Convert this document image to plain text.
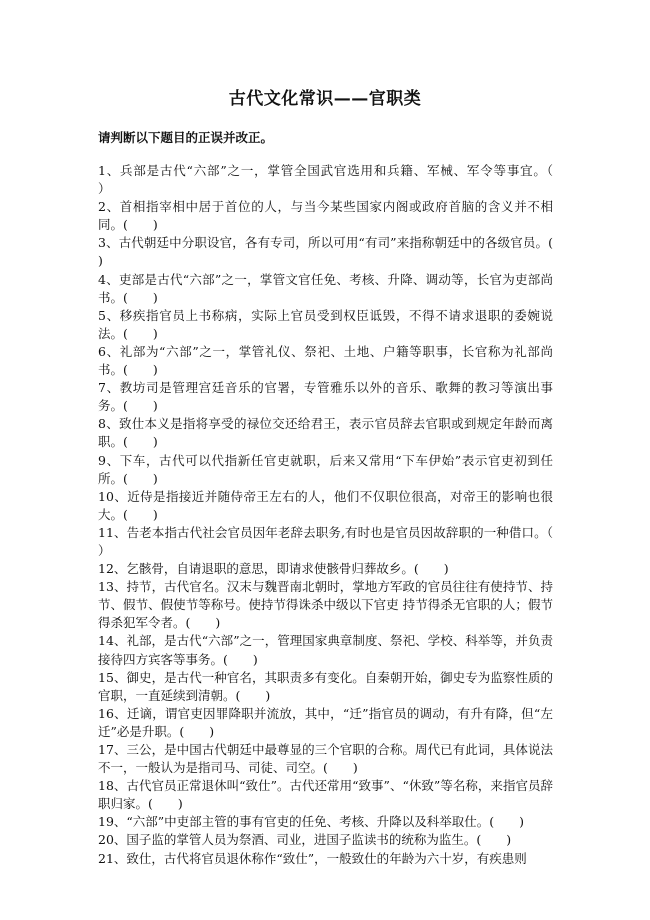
古代文化常识——官职类
请判断以下题目的正误并改正。
1、兵部是古代“六部”之一，掌管全国武官选用和兵籍、军械、军令等事宜。（　　）
2、首相指宰相中居于首位的人，与当今某些国家内阁或政府首脑的含义并不相同。(　　)
3、古代朝廷中分职设官，各有专司，所以可用“有司”来指称朝廷中的各级官员。(　　)
4、吏部是古代“六部”之一，掌管文官任免、考核、升降、调动等，长官为吏部尚书。(　　)
5、移疾指官员上书称病，实际上官员受到权臣诋毁，不得不请求退职的委婉说法。(　　)
6、礼部为“六部”之一，掌管礼仪、祭祀、土地、户籍等职事，长官称为礼部尚书。(　　)
7、教坊司是管理宫廷音乐的官署，专管雅乐以外的音乐、歌舞的教习等演出事务。(　　)
8、致仕本义是指将享受的禄位交还给君王，表示官员辞去官职或到规定年龄而离职。(　　)
9、下车，古代可以代指新任官吏就职，后来又常用“下车伊始”表示官吏初到任所。(　　)
10、近侍是指接近并随侍帝王左右的人，他们不仅职位很高，对帝王的影响也很大。(　　)
11、告老本指古代社会官员因年老辞去职务,有时也是官员因故辞职的一种借口。（　　）
12、乞骸骨，自请退职的意思，即请求使骸骨归葬故乡。(　　)
13、持节，古代官名。汉末与魏晋南北朝时，掌地方军政的官员往往有使持节、持节、假节、假使节等称号。使持节得诛杀中级以下官吏 持节得杀无官职的人；假节得杀犯军令者。(　　)
14、礼部，是古代“六部”之一，管理国家典章制度、祭祀、学校、科举等，并负责接待四方宾客等事务。(　　)
15、御史，是古代一种官名，其职责多有变化。自秦朝开始，御史专为监察性质的官职，一直延续到清朝。(　　)
16、迁谪，谓官吏因罪降职并流放，其中，“迁”指官员的调动，有升有降，但“左迁”必是升职。(　　)
17、三公，是中国古代朝廷中最尊显的三个官职的合称。周代已有此词，具体说法不一，一般认为是指司马、司徒、司空。(　　)
18、古代官员正常退休叫“致仕”。古代还常用“致事”、“休致”等名称，来指官员辞职归家。(　　)
19、“六部”中吏部主管的事有官吏的任免、考核、升降以及科举取仕。(　　)
20、国子监的掌管人员为祭酒、司业，进国子监读书的统称为监生。(　　)
21、致仕，古代将官员退休称作“致仕”，一般致仕的年龄为六十岁，有疾患则
